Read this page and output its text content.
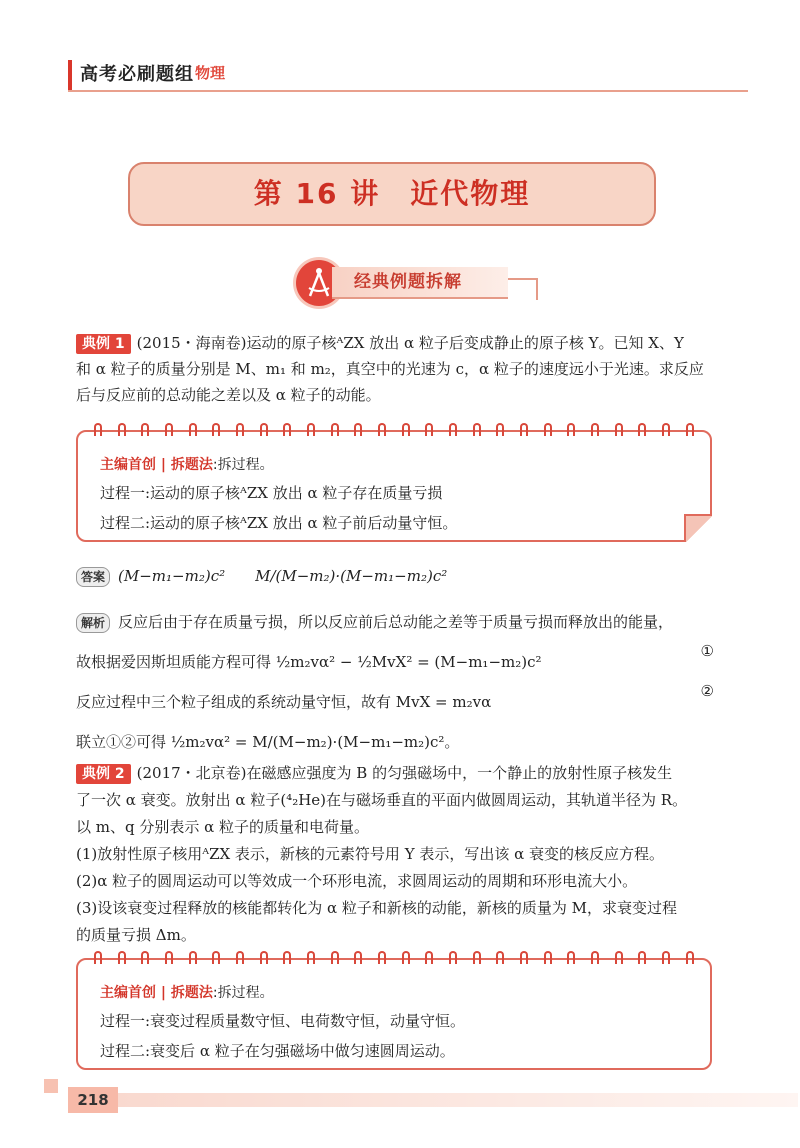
高考必刷题组 物理
第 16 讲　近代物理
经典例题拆解
典例 1 (2015・海南卷)运动的原子核ᴬZX 放出 α 粒子后变成静止的原子核 Y。已知 X、Y
和 α 粒子的质量分别是 M、m₁ 和 m₂，真空中的光速为 c，α 粒子的速度远小于光速。求反应
后与反应前的总动能之差以及 α 粒子的动能。
主编首创 | 拆题法:拆过程。
过程一:运动的原子核ᴬZX 放出 α 粒子存在质量亏损
过程二:运动的原子核ᴬZX 放出 α 粒子前后动量守恒。
答案 (M−m₁−m₂)c²　　M/(M−m₂)·(M−m₁−m₂)c²
解析 反应后由于存在质量亏损，所以反应前后总动能之差等于质量亏损而释放出的能量，
故根据爱因斯坦质能方程可得 ½m₂vα² − ½MvX² = (M−m₁−m₂)c²
反应过程中三个粒子组成的系统动量守恒，故有 MvX = m₂vα
联立①②可得 ½m₂vα² = M/(M−m₂)·(M−m₁−m₂)c²。
①
②
典例 2 (2017・北京卷)在磁感应强度为 B 的匀强磁场中，一个静止的放射性原子核发生
了一次 α 衰变。放射出 α 粒子(⁴₂He)在与磁场垂直的平面内做圆周运动，其轨道半径为 R。
以 m、q 分别表示 α 粒子的质量和电荷量。
(1)放射性原子核用ᴬZX 表示，新核的元素符号用 Y 表示，写出该 α 衰变的核反应方程。
(2)α 粒子的圆周运动可以等效成一个环形电流，求圆周运动的周期和环形电流大小。
(3)设该衰变过程释放的核能都转化为 α 粒子和新核的动能，新核的质量为 M，求衰变过程
的质量亏损 Δm。
主编首创 | 拆题法:拆过程。
过程一:衰变过程质量数守恒、电荷数守恒，动量守恒。
过程二:衰变后 α 粒子在匀强磁场中做匀速圆周运动。
218
